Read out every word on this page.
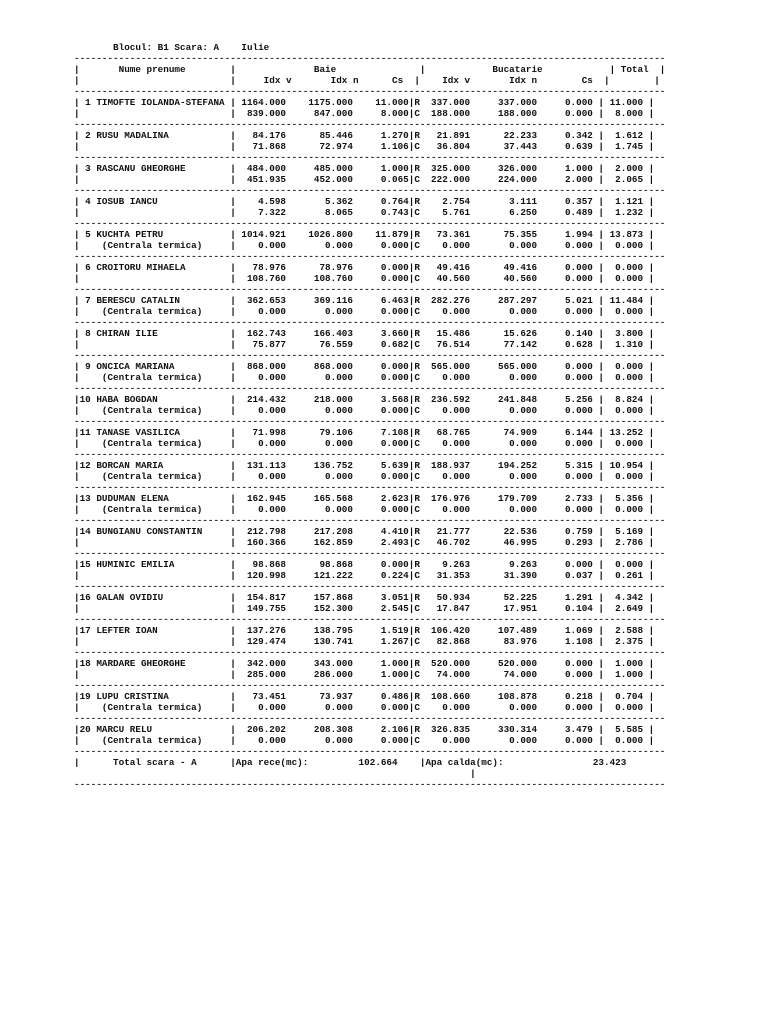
Blocul: B1 Scara: A    Iulie
----------------------------------------------------------------------------------------------------------
|       Nume prenume        |              Baie               |            Bucatarie            | Total  |
|                           |     Idx v       Idx n      Cs  |    Idx v       Idx n        Cs  |        |
----------------------------------------------------------------------------------------------------------
| 1 TIMOFTE IOLANDA-STEFANA | 1164.000    1175.000    11.000|R  337.000     337.000     0.000 | 11.000 |
|                           |  839.000     847.000     8.000|C  188.000     188.000     0.000 |  8.000 |
----------------------------------------------------------------------------------------------------------
| 2 RUSU MADALINA           |   84.176      85.446     1.270|R   21.891      22.233     0.342 |  1.612 |
|                           |   71.868      72.974     1.106|C   36.804      37.443     0.639 |  1.745 |
----------------------------------------------------------------------------------------------------------
| 3 RASCANU GHEORGHE        |  484.000     485.000     1.000|R  325.000     326.000     1.000 |  2.000 |
|                           |  451.935     452.000     0.065|C  222.000     224.000     2.000 |  2.065 |
----------------------------------------------------------------------------------------------------------
| 4 IOSUB IANCU             |    4.598       5.362     0.764|R    2.754       3.111     0.357 |  1.121 |
|                           |    7.322       8.065     0.743|C    5.761       6.250     0.489 |  1.232 |
----------------------------------------------------------------------------------------------------------
| 5 KUCHTA PETRU            | 1014.921    1026.800    11.879|R   73.361      75.355     1.994 | 13.873 |
|    (Centrala termica)     |    0.000       0.000     0.000|C    0.000       0.000     0.000 |  0.000 |
----------------------------------------------------------------------------------------------------------
| 6 CROITORU MIHAELA        |   78.976      78.976     0.000|R   49.416      49.416     0.000 |  0.000 |
|                           |  108.760     108.760     0.000|C   40.560      40.560     0.000 |  0.000 |
----------------------------------------------------------------------------------------------------------
| 7 BERESCU CATALIN         |  362.653     369.116     6.463|R  282.276     287.297     5.021 | 11.484 |
|    (Centrala termica)     |    0.000       0.000     0.000|C    0.000       0.000     0.000 |  0.000 |
----------------------------------------------------------------------------------------------------------
| 8 CHIRAN ILIE             |  162.743     166.403     3.660|R   15.486      15.626     0.140 |  3.800 |
|                           |   75.877      76.559     0.682|C   76.514      77.142     0.628 |  1.310 |
----------------------------------------------------------------------------------------------------------
| 9 ONCICA MARIANA          |  868.000     868.000     0.000|R  565.000     565.000     0.000 |  0.000 |
|    (Centrala termica)     |    0.000       0.000     0.000|C    0.000       0.000     0.000 |  0.000 |
----------------------------------------------------------------------------------------------------------
|10 HABA BOGDAN             |  214.432     218.000     3.568|R  236.592     241.848     5.256 |  8.824 |
|    (Centrala termica)     |    0.000       0.000     0.000|C    0.000       0.000     0.000 |  0.000 |
----------------------------------------------------------------------------------------------------------
|11 TANASE VASILICA         |   71.998      79.106     7.108|R   68.765      74.909     6.144 | 13.252 |
|    (Centrala termica)     |    0.000       0.000     0.000|C    0.000       0.000     0.000 |  0.000 |
----------------------------------------------------------------------------------------------------------
|12 BORCAN MARIA            |  131.113     136.752     5.639|R  188.937     194.252     5.315 | 10.954 |
|    (Centrala termica)     |    0.000       0.000     0.000|C    0.000       0.000     0.000 |  0.000 |
----------------------------------------------------------------------------------------------------------
|13 DUDUMAN ELENA           |  162.945     165.568     2.623|R  176.976     179.709     2.733 |  5.356 |
|    (Centrala termica)     |    0.000       0.000     0.000|C    0.000       0.000     0.000 |  0.000 |
----------------------------------------------------------------------------------------------------------
|14 BUNGIANU CONSTANTIN     |  212.798     217.208     4.410|R   21.777      22.536     0.759 |  5.169 |
|                           |  160.366     162.859     2.493|C   46.702      46.995     0.293 |  2.786 |
----------------------------------------------------------------------------------------------------------
|15 HUMINIC EMILIA          |   98.868      98.868     0.000|R    9.263       9.263     0.000 |  0.000 |
|                           |  120.998     121.222     0.224|C   31.353      31.390     0.037 |  0.261 |
----------------------------------------------------------------------------------------------------------
|16 GALAN OVIDIU            |  154.817     157.868     3.051|R   50.934      52.225     1.291 |  4.342 |
|                           |  149.755     152.300     2.545|C   17.847      17.951     0.104 |  2.649 |
----------------------------------------------------------------------------------------------------------
|17 LEFTER IOAN             |  137.276     138.795     1.519|R  106.420     107.489     1.069 |  2.588 |
|                           |  129.474     130.741     1.267|C   82.868      83.976     1.108 |  2.375 |
----------------------------------------------------------------------------------------------------------
|18 MARDARE GHEORGHE        |  342.000     343.000     1.000|R  520.000     520.000     0.000 |  1.000 |
|                           |  285.000     286.000     1.000|C   74.000      74.000     0.000 |  1.000 |
----------------------------------------------------------------------------------------------------------
|19 LUPU CRISTINA           |   73.451      73.937     0.486|R  108.660     108.878     0.218 |  0.704 |
|    (Centrala termica)     |    0.000       0.000     0.000|C    0.000       0.000     0.000 |  0.000 |
----------------------------------------------------------------------------------------------------------
|20 MARCU RELU              |  206.202     208.308     2.106|R  326.835     330.314     3.479 |  5.585 |
|    (Centrala termica)     |    0.000       0.000     0.000|C    0.000       0.000     0.000 |  0.000 |
----------------------------------------------------------------------------------------------------------
|      Total scara - A      |Apa rece(mc):         102.664    |Apa calda(mc):                23.423
|
----------------------------------------------------------------------------------------------------------
